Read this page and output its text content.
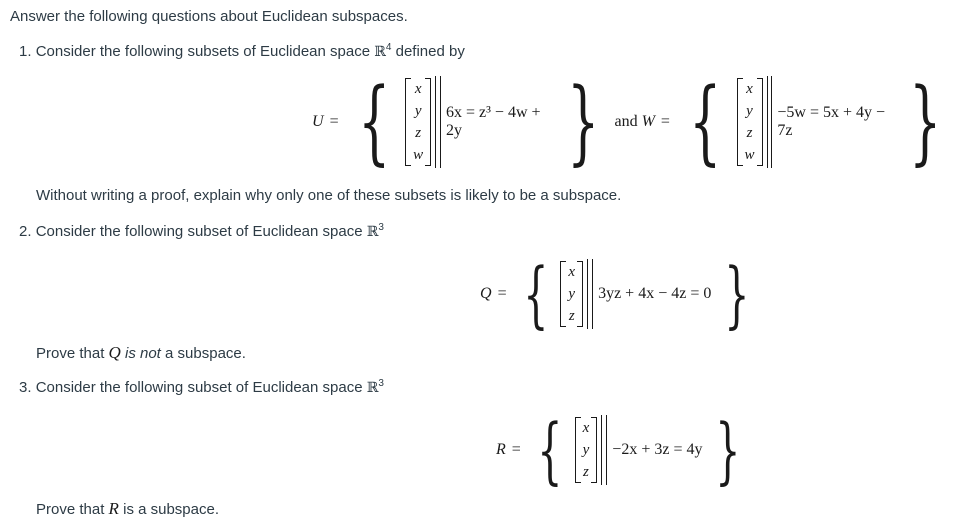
Answer the following questions about Euclidean subspaces.
1. Consider the following subsets of Euclidean space ℝ$^4$ defined by
U = { x
y
z
w
6x = z³ − 4w + 2y	} and W = { x
y
z
w
−5w = 5x + 4y − 7z	}
Without writing a proof, explain why only one of these subsets is likely to be a subspace.
2. Consider the following subset of Euclidean space ℝ$^3$
Q = { x
y
z
3yz + 4x − 4z = 0 }
Prove that Q is not a subspace.
3. Consider the following subset of Euclidean space ℝ$^3$
R = { x
y
z
−2x + 3z = 4y }
Prove that R is a subspace.
